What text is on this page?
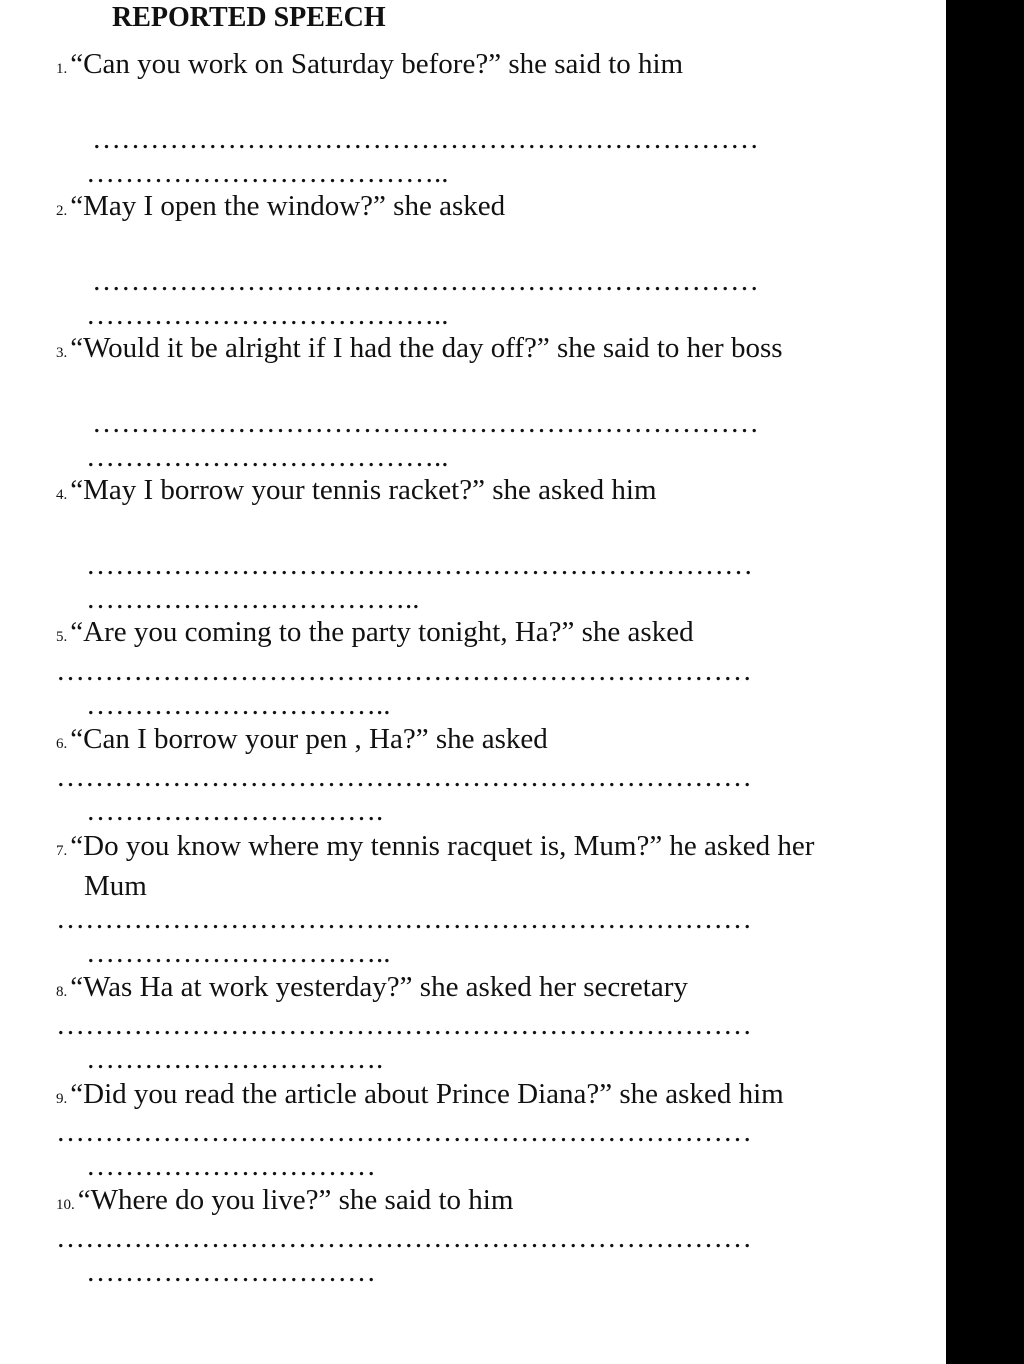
REPORTED SPEECH
1. “Can you work on Saturday before?” she said to him
……………………………………………………………
………………………………..
2. “May I open the window?” she asked
……………………………………………………………
………………………………..
3. “Would it be alright if I had the day off?” she said to her boss
……………………………………………………………
………………………………..
4. “May I borrow your tennis racket?” she asked him
……………………………………………………………
……………………………..
5. “Are you coming to the party tonight, Ha?” she asked
………………………………………………………………
…………………………..
6. “Can I borrow your pen , Ha?” she asked
………………………………………………………………
………………………….
7. “Do you know where my tennis racquet is, Mum?” he asked her
Mum
………………………………………………………………
…………………………..
8. “Was Ha at work yesterday?” she asked her secretary
………………………………………………………………
………………………….
9. “Did you read the article about Prince Diana?” she asked him
………………………………………………………………
…………………………
10. “Where do you live?” she said to him
………………………………………………………………
…………………………
